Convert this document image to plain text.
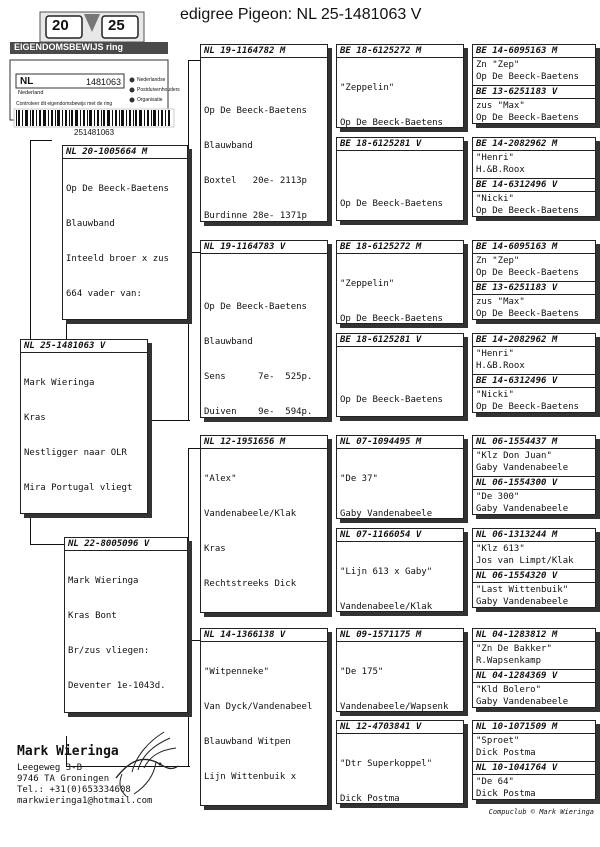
edigree Pigeon: NL 25-1481063 V
20	25
EIGENDOMSBEWIJS ring
NL	1481063
Nederland
Nederlandse
Postduivenhouders
Organisatie
Controleer dit eigendomsbewijs met de ring
251481063
NL 25-1481063 V

Mark Wieringa

Kras

Nestligger naar OLR

Mira Portugal vliegt

NL 20-1005664 M

Op De Beeck-Baetens

Blauwband

Inteeld broer x zus

664 vader van:

NL 22-8005096 V

Mark Wieringa

Kras Bont

Br/zus vliegen:

Deventer 1e-1043d.

NL 19-1164782 M

Op De Beeck-Baetens

Blauwband

Boxtel   20e- 2113p

Burdinne 28e- 1371p

NL 19-1164783 V

Op De Beeck-Baetens

Blauwband

Sens      7e-  525p.

Duiven    9e-  594p.

NL 12-1951656 M

"Alex"

Vandenabeele/Klak

Kras

Rechtstreeks Dick

NL 14-1366138 V

"Witpenneke"

Van Dyck/Vandenabeel

Blauwband Witpen

Lijn Wittenbuik x

BE 18-6125272 M

"Zeppelin"

Op De Beeck-Baetens

BE 18-6125281 V

Op De Beeck-Baetens

BE 18-6125272 M

"Zeppelin"

Op De Beeck-Baetens

BE 18-6125281 V

Op De Beeck-Baetens

NL 07-1094495 M

"De 37"

Gaby Vandenabeele

NL 07-1166054 V

"Lijn 613 x Gaby"

Vandenabeele/Klak

NL 09-1571175 M

"De 175"

Vandenabeele/Wapsenk

NL 12-4703841 V

"Dtr Superkoppel"

Dick Postma

BE 14-6095163 M
Zn "Zep"
Op De Beeck-Baetens
BE 13-6251183 V
zus "Max"
Op De Beeck-Baetens
BE 14-2082962 M
"Henri"
H.&B.Roox
BE 14-6312496 V
"Nicki"
Op De Beeck-Baetens
BE 14-6095163 M
Zn "Zep"
Op De Beeck-Baetens
BE 13-6251183 V
zus "Max"
Op De Beeck-Baetens
BE 14-2082962 M
"Henri"
H.&B.Roox
BE 14-6312496 V
"Nicki"
Op De Beeck-Baetens
NL 06-1554437 M
"Klz Don Juan"
Gaby Vandenabeele
NL 06-1554300 V
"De 300"
Gaby Vandenabeele
NL 06-1313244 M
"Klz 613"
Jos van Limpt/Klak
NL 06-1554320 V
"Last Wittenbuik"
Gaby Vandenabeele
NL 04-1283812 M
"Zn De Bakker"
R.Wapsenkamp
NL 04-1284369 V
"Kld Bolero"
Gaby Vandenabeele
NL 10-1071509 M
"Sproet"
Dick Postma
NL 10-1041764 V
"De 64"
Dick Postma
Mark Wieringa
Leegeweg 3-B
9746 TA Groningen
Tel.: +31(0)653334608
markwieringa1@hotmail.com
Compuclub © Mark Wieringa
